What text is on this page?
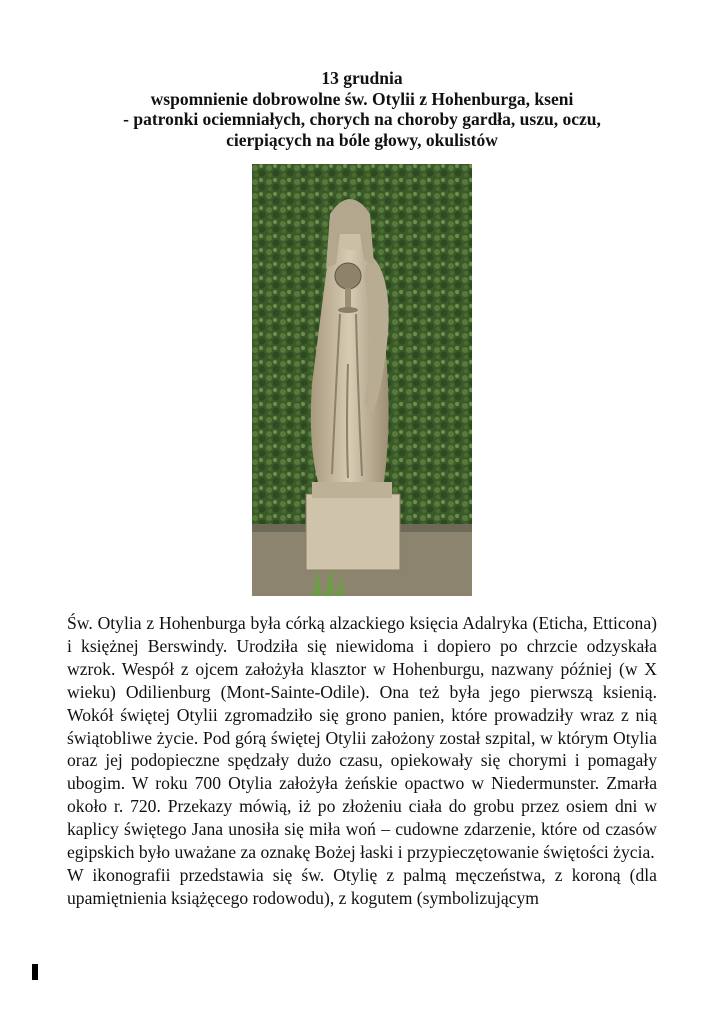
13 grudnia
wspomnienie dobrowolne św. Otylii z Hohenburga, kseni
- patronki ociemniałych, chorych na choroby gardła, uszu, oczu,
cierpiących na bóle głowy, okulistów

Św. Otylia z Hohenburga była córką alzackiego księcia Adalryka (Eticha, Etticona) i księżnej Berswindy. Urodziła się niewidoma i dopiero po chrzcie odzyskała wzrok. Wespół z ojcem założyła klasztor w Hohenburgu, nazwany później (w X wieku) Odilienburg (Mont-Sainte-Odile). Ona też była jego pierwszą ksienią. Wokół świętej Otylii zgromadziło się grono panien, które prowadziły wraz z nią świątobliwe życie. Pod górą świętej Otylii założony został szpital, w którym Otylia oraz jej podopieczne spędzały dużo czasu, opiekowały się chorymi i pomagały ubogim. W roku 700 Otylia założyła żeńskie opactwo w Niedermunster. Zmarła około r. 720. Przekazy mówią, iż po złożeniu ciała do grobu przez osiem dni w kaplicy świętego Jana unosiła się miła woń – cudowne zdarzenie, które od czasów egipskich było uważane za oznakę Bożej łaski i przypieczętowanie świętości życia.

W ikonografii przedstawia się św. Otylię z palmą męczeństwa, z koroną (dla upamiętnienia książęcego rodowodu), z kogutem (symbolizującym
